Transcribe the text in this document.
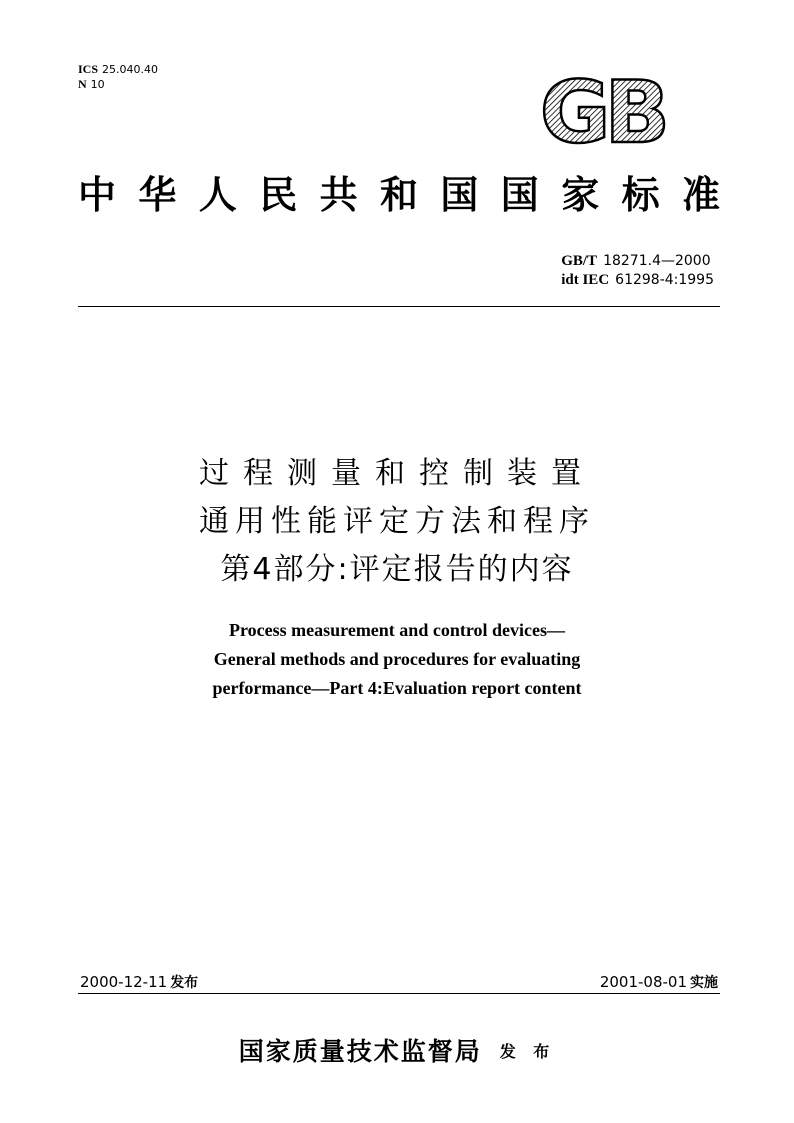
ICS 25.040.40
N 10	GB
中华人民共和国国家标准
GB/T 18271.4—2000
idt IEC 61298-4:1995
过程测量和控制装置
通用性能评定方法和程序
第4部分:评定报告的内容
Process measurement and control devices—
General methods and procedures for evaluating
performance—Part 4:Evaluation report content
2000-12-11 发布	2001-08-01 实施
国家质量技术监督局 发 布
